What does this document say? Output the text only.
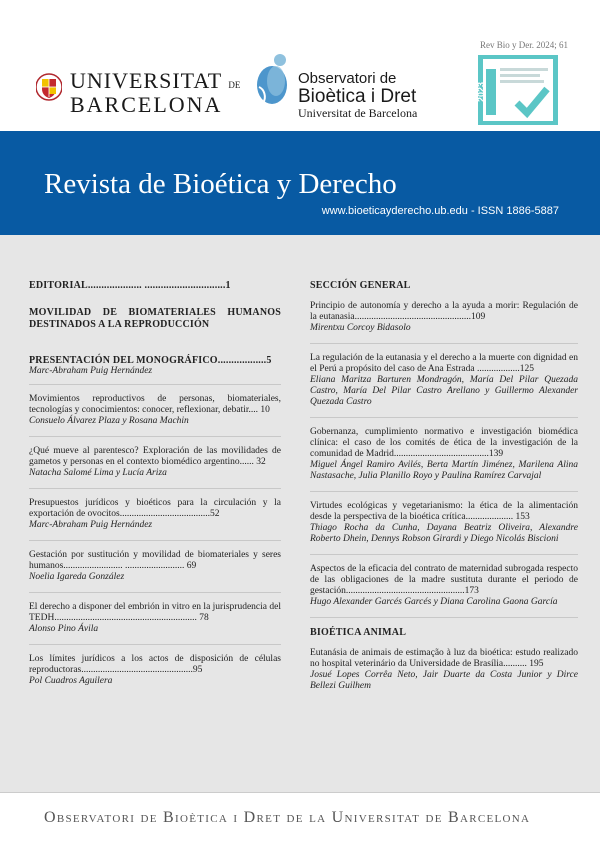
UNIVERSITAT DE
BARCELONA
Observatori de
Bioètica i Dret
Universitat de Barcelona
Rev Bio y Der. 2024; 61
2023
Revista de Bioética y Derecho
www.bioeticayderecho.ub.edu - ISSN 1886-5887
EDITORIAL.................... ..............................1
MOVILIDAD DE BIOMATERIALES HUMANOS DESTINADOS A LA REPRODUCCIÓN
PRESENTACIÓN DEL MONOGRÁFICO..................5
Marc-Abraham Puig Hernández
Movimientos reproductivos de personas, biomateriales, tecnologías y conocimientos: conocer, reflexionar, debatir.... 10
Consuelo Álvarez Plaza y Rosana Machin
¿Qué mueve al parentesco? Exploración de las movilidades de gametos y personas en el contexto biomédico argentino...... 32
Natacha Salomé Lima y Lucía Ariza
Presupuestos jurídicos y bioéticos para la circulación y la exportación de ovocitos......................................52
Marc-Abraham Puig Hernández
Gestación por sustitución y movilidad de biomateriales y seres humanos......................... ......................... 69
Noelia Igareda González
El derecho a disponer del embrión in vitro en la jurisprudencia del TEDH............................................................ 78
Alonso Pino Ávila
Los límites jurídicos a los actos de disposición de células reproductoras...............................................95
Pol Cuadros Aguilera
SECCIÓN GENERAL
Principio de autonomía y derecho a la ayuda a morir: Regulación de la eutanasia.................................................109
Mirentxu Corcoy Bidasolo
La regulación de la eutanasia y el derecho a la muerte con dignidad en el Perú a propósito del caso de Ana Estrada ..................125
Eliana Maritza Barturen Mondragón, María Del Pilar Quezada Castro, María Del Pilar Castro Arellano y Guillermo Alexander Quezada Castro
Gobernanza, cumplimiento normativo e investigación biomédica clínica: el caso de los comités de ética de la investigación de la comunidad de Madrid........................................139
Miguel Ángel Ramiro Avilés, Berta Martín Jiménez, Marilena Alina Nastasache, Julia Planillo Royo y Paulina Ramírez Carvajal
Virtudes ecológicas y vegetarianismo: la ética de la alimentación desde la perspectiva de la bioética crítica.................... 153
Thiago Rocha da Cunha, Dayana Beatriz Oliveira, Alexandre Roberto Dhein, Dennys Robson Girardi y Diego Nicolás Biscioni
Aspectos de la eficacia del contrato de maternidad subrogada respecto de las obligaciones de la madre sustituta durante el periodo de gestación..................................................173
Hugo Alexander Garcés Garcés y Diana Carolina Gaona García
BIOÉTICA ANIMAL
Eutanásia de animais de estimação à luz da bioética: estudo realizado no hospital veterinário da Universidade de Brasília.......... 195
Josué Lopes Corrêa Neto, Jair Duarte da Costa Junior y Dirce Bellezi Guilhem
Observatori de Bioètica i Dret de la Universitat de Barcelona
